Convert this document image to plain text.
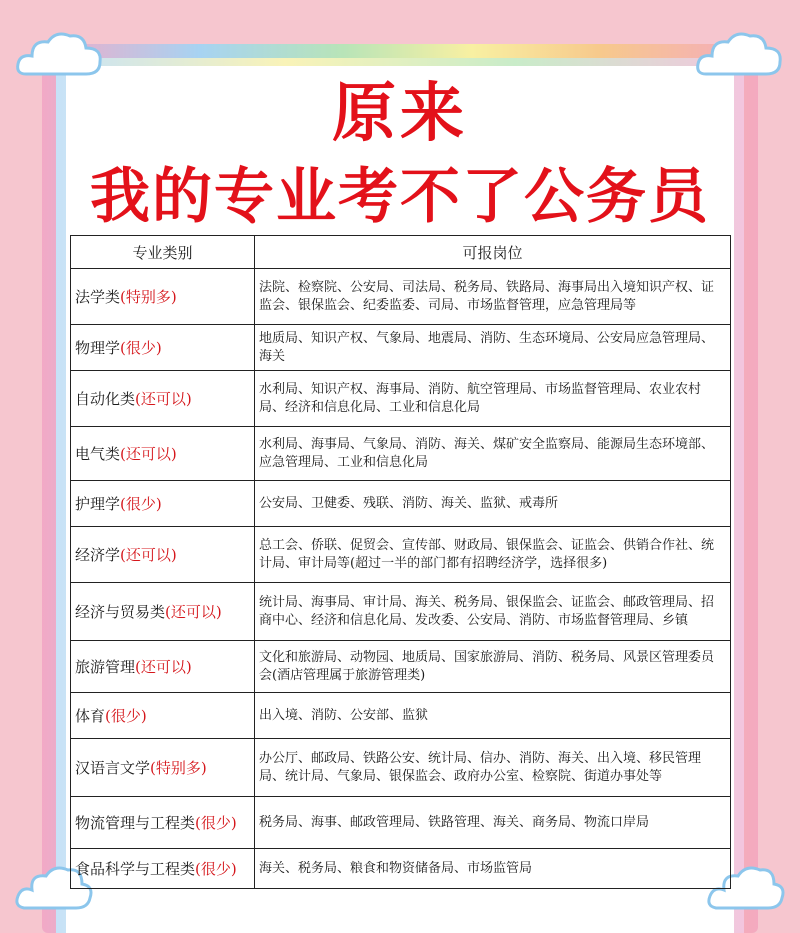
原来
我的专业考不了公务员
专业类别	可报岗位
法学类(特别多)	法院、检察院、公安局、司法局、税务局、铁路局、海事局出入境知识产权、证监会、银保监会、纪委监委、司局、市场监督管理，应急管理局等
物理学(很少)	地质局、知识产权、气象局、地震局、消防、生态环境局、公安局应急管理局、海关
自动化类(还可以)	水利局、知识产权、海事局、消防、航空管理局、市场监督管理局、农业农村局、经济和信息化局、工业和信息化局
电气类(还可以)	水利局、海事局、气象局、消防、海关、煤矿安全监察局、能源局生态环境部、应急管理局、工业和信息化局
护理学(很少)	公安局、卫健委、残联、消防、海关、监狱、戒毒所
经济学(还可以)	总工会、侨联、促贸会、宣传部、财政局、银保监会、证监会、供销合作社、统计局、审计局等(超过一半的部门都有招聘经济学，选择很多)
经济与贸易类(还可以)	统计局、海事局、审计局、海关、税务局、银保监会、证监会、邮政管理局、招商中心、经济和信息化局、发改委、公安局、消防、市场监督管理局、乡镇
旅游管理(还可以)	文化和旅游局、动物园、地质局、国家旅游局、消防、税务局、风景区管理委员会(酒店管理属于旅游管理类)
体育(很少)	出入境、消防、公安部、监狱
汉语言文学(特别多)	办公厅、邮政局、铁路公安、统计局、信办、消防、海关、出入境、移民管理局、统计局、气象局、银保监会、政府办公室、检察院、街道办事处等
物流管理与工程类(很少)	税务局、海事、邮政管理局、铁路管理、海关、商务局、物流口岸局
食品科学与工程类(很少)	海关、税务局、粮食和物资储备局、市场监管局
